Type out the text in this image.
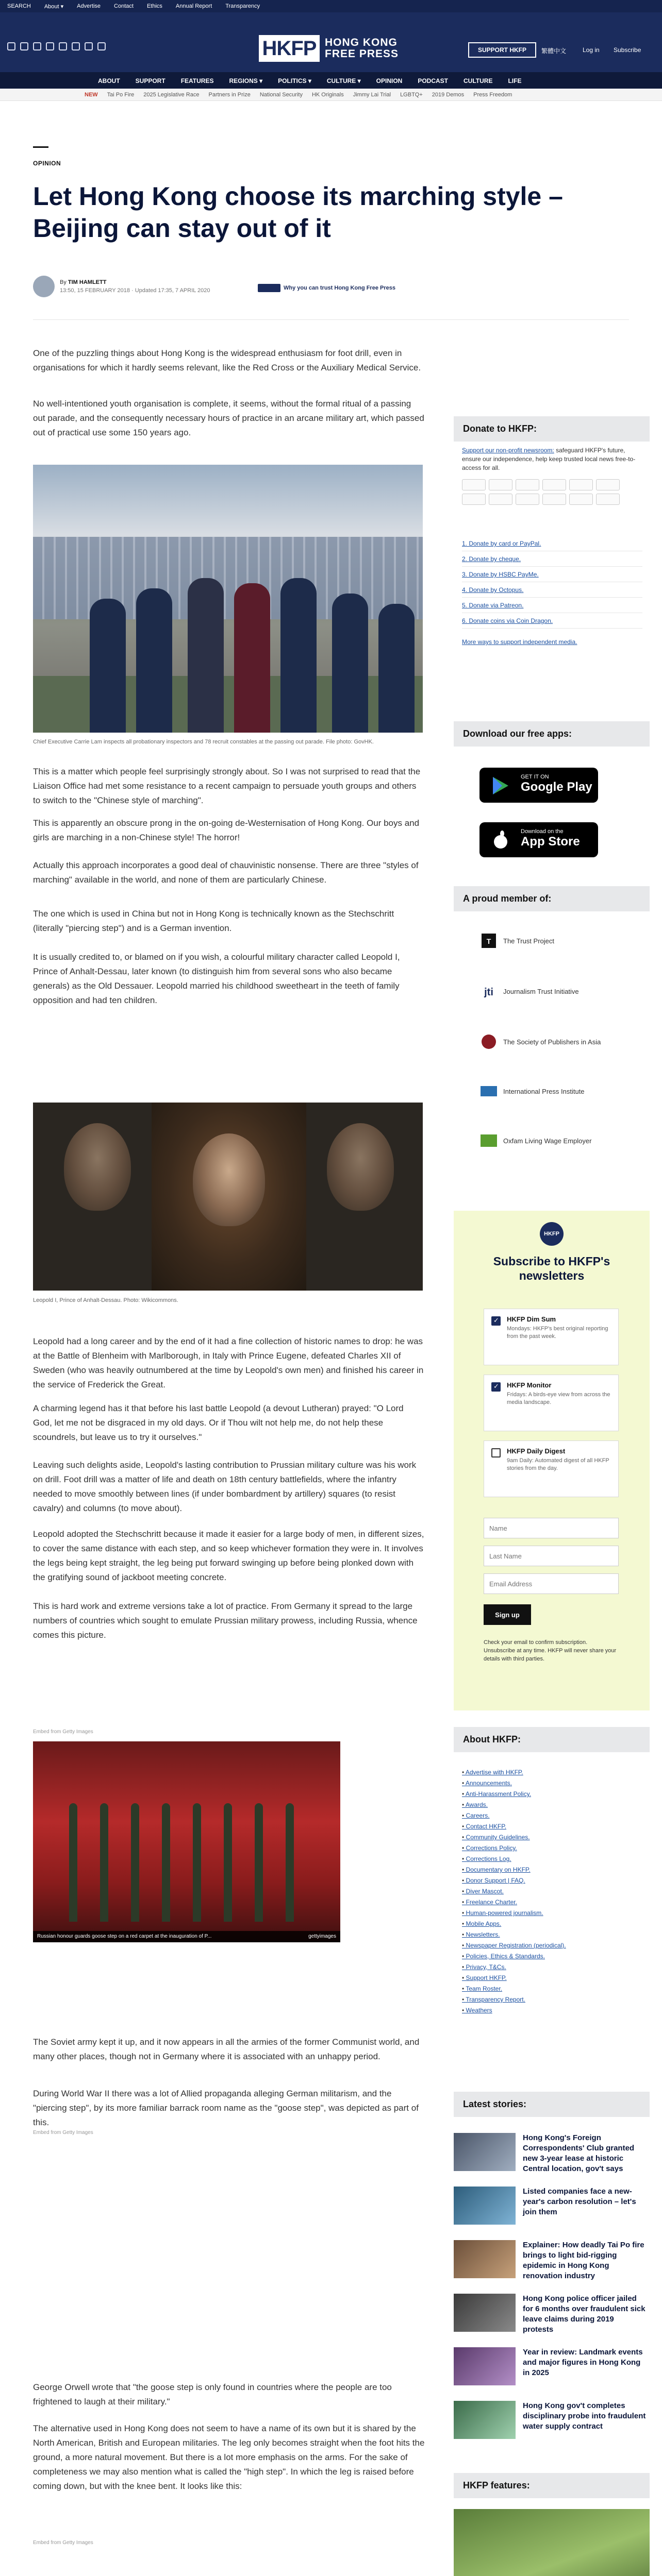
SEARCH About ▾ Advertise Contact Ethics Annual Report Transparency
HKFP HONG KONG
FREE PRESS	SUPPORT HKFP	繁體中文	Log in Subscribe
ABOUT	SUPPORT	FEATURES	REGIONS ▾	POLITICS ▾	CULTURE ▾	OPINION	PODCAST	CULTURE	LIFE
NEW Tai Po Fire 2025 Legislative Race Partners in Prize National Security HK Originals Jimmy Lai Trial LGBTQ+ 2019 Demos Press Freedom
OPINION
Let Hong Kong choose its marching style – Beijing can stay out of it
By TIM HAMLETT
13:50, 15 FEBRUARY 2018 · Updated 17:35, 7 APRIL 2020	Why you can trust Hong Kong Free Press

One of the puzzling things about Hong Kong is the widespread enthusiasm for foot drill, even in organisations for which it hardly seems relevant, like the Red Cross or the Auxiliary Medical Service.

No well-intentioned youth organisation is complete, it seems, without the formal ritual of a passing out parade, and the consequently necessary hours of practice in an arcane military art, which passed out of practical use some 150 years ago.

Chief Executive Carrie Lam inspects all probationary inspectors and 78 recruit constables at the passing out parade. File photo: GovHK.

This is a matter which people feel surprisingly strongly about. So I was not surprised to read that the Liaison Office had met some resistance to a recent campaign to persuade youth groups and others to switch to the "Chinese style of marching".

This is apparently an obscure prong in the on-going de-Westernisation of Hong Kong. Our boys and girls are marching in a non-Chinese style! The horror!

Actually this approach incorporates a good deal of chauvinistic nonsense. There are three "styles of marching" available in the world, and none of them are particularly Chinese.

The one which is used in China but not in Hong Kong is technically known as the Stechschritt (literally "piercing step") and is a German invention.

It is usually credited to, or blamed on if you wish, a colourful military character called Leopold I, Prince of Anhalt-Dessau, later known (to distinguish him from several sons who also became generals) as the Old Dessauer. Leopold married his childhood sweetheart in the teeth of family opposition and had ten children.

Leopold I, Prince of Anhalt-Dessau. Photo: Wikicommons.

Leopold had a long career and by the end of it had a fine collection of historic names to drop: he was at the Battle of Blenheim with Marlborough, in Italy with Prince Eugene, defeated Charles XII of Sweden (who was heavily outnumbered at the time by Leopold's own men) and finished his career in the service of Frederick the Great.

A charming legend has it that before his last battle Leopold (a devout Lutheran) prayed: "O Lord God, let me not be disgraced in my old days. Or if Thou wilt not help me, do not help these scoundrels, but leave us to try it ourselves."

Leaving such delights aside, Leopold's lasting contribution to Prussian military culture was his work on drill. Foot drill was a matter of life and death on 18th century battlefields, where the infantry needed to move smoothly between lines (if under bombardment by artillery) squares (to resist cavalry) and columns (to move about).

Leopold adopted the Stechschritt because it made it easier for a large body of men, in different sizes, to cover the same distance with each step, and so keep whichever formation they were in. It involves the legs being kept straight, the leg being put forward swinging up before being plonked down with the gratifying sound of jackboot meeting concrete.

This is hard work and extreme versions take a lot of practice. From Germany it spread to the large numbers of countries which sought to emulate Prussian military prowess, including Russia, whence comes this picture.

Embed from Getty Images
Russian honour guards goose step on a red carpet at the inauguration of P...	gettyimages

The Soviet army kept it up, and it now appears in all the armies of the former Communist world, and many other places, though not in Germany where it is associated with an unhappy period.

During World War II there was a lot of Allied propaganda alleging German militarism, and the "piercing step", by its more familiar barrack room name as the "goose step", was depicted as part of this.

Embed from Getty Images

George Orwell wrote that "the goose step is only found in countries where the people are too frightened to laugh at their military."

The alternative used in Hong Kong does not seem to have a name of its own but it is shared by the North American, British and European militaries. The leg only becomes straight when the foot hits the ground, a more natural movement. But there is a lot more emphasis on the arms. For the sake of completeness we may also mention what is called the "high step". In which the leg is raised before coming down, but with the knee bent. It looks like this:

Embed from Getty Images

Donate to HKFP:
Support our non-profit newsroom: safeguard HKFP's future, ensure our independence, help keep trusted local news free-to-access for all.
1. Donate by card or PayPal.
2. Donate by cheque.
3. Donate by HSBC PayMe.
4. Donate by Octopus.
5. Donate via Patreon.
6. Donate coins via Coin Dragon.
More ways to support independent media.
Download our free apps:
GET IT ON
Google Play
Download on the
App Store
A proud member of:
T The Trust Project
jti Journalism Trust Initiative
The Society of Publishers in Asia
International Press Institute
Oxfam Living Wage Employer
HKFP
Subscribe to HKFP's newsletters
✓
HKFP Dim Sum
Mondays: HKFP's best original reporting from the past week.
✓
HKFP Monitor
Fridays: A birds-eye view from across the media landscape.
HKFP Daily Digest
9am Daily: Automated digest of all HKFP stories from the day.
Name
Last Name
Email Address
Sign up
Check your email to confirm subscription. Unsubscribe at any time. HKFP will never share your details with third parties.
About HKFP:
• Advertise with HKFP.
• Announcements.
• Anti-Harassment Policy.
• Awards.
• Careers.
• Contact HKFP.
• Community Guidelines.
• Corrections Policy.
• Corrections Log.
• Documentary on HKFP.
• Donor Support | FAQ.
• Diver Mascot.
• Freelance Charter.
• Human-powered journalism.
• Mobile Apps.
• Newsletters.
• Newspaper Registration (periodical).
• Policies, Ethics & Standards.
• Privacy, T&Cs.
• Support HKFP.
• Team Roster.
• Transparency Report.
• Weathers
Latest stories:
Hong Kong's Foreign Correspondents' Club granted new 3-year lease at historic Central location, gov't says
Listed companies face a new-year's carbon resolution – let's join them
Explainer: How deadly Tai Po fire brings to light bid-rigging epidemic in Hong Kong renovation industry
Hong Kong police officer jailed for 6 months over fraudulent sick leave claims during 2019 protests
Year in review: Landmark events and major figures in Hong Kong in 2025
Hong Kong gov't completes disciplinary probe into fraudulent water supply contract
HKFP features:
